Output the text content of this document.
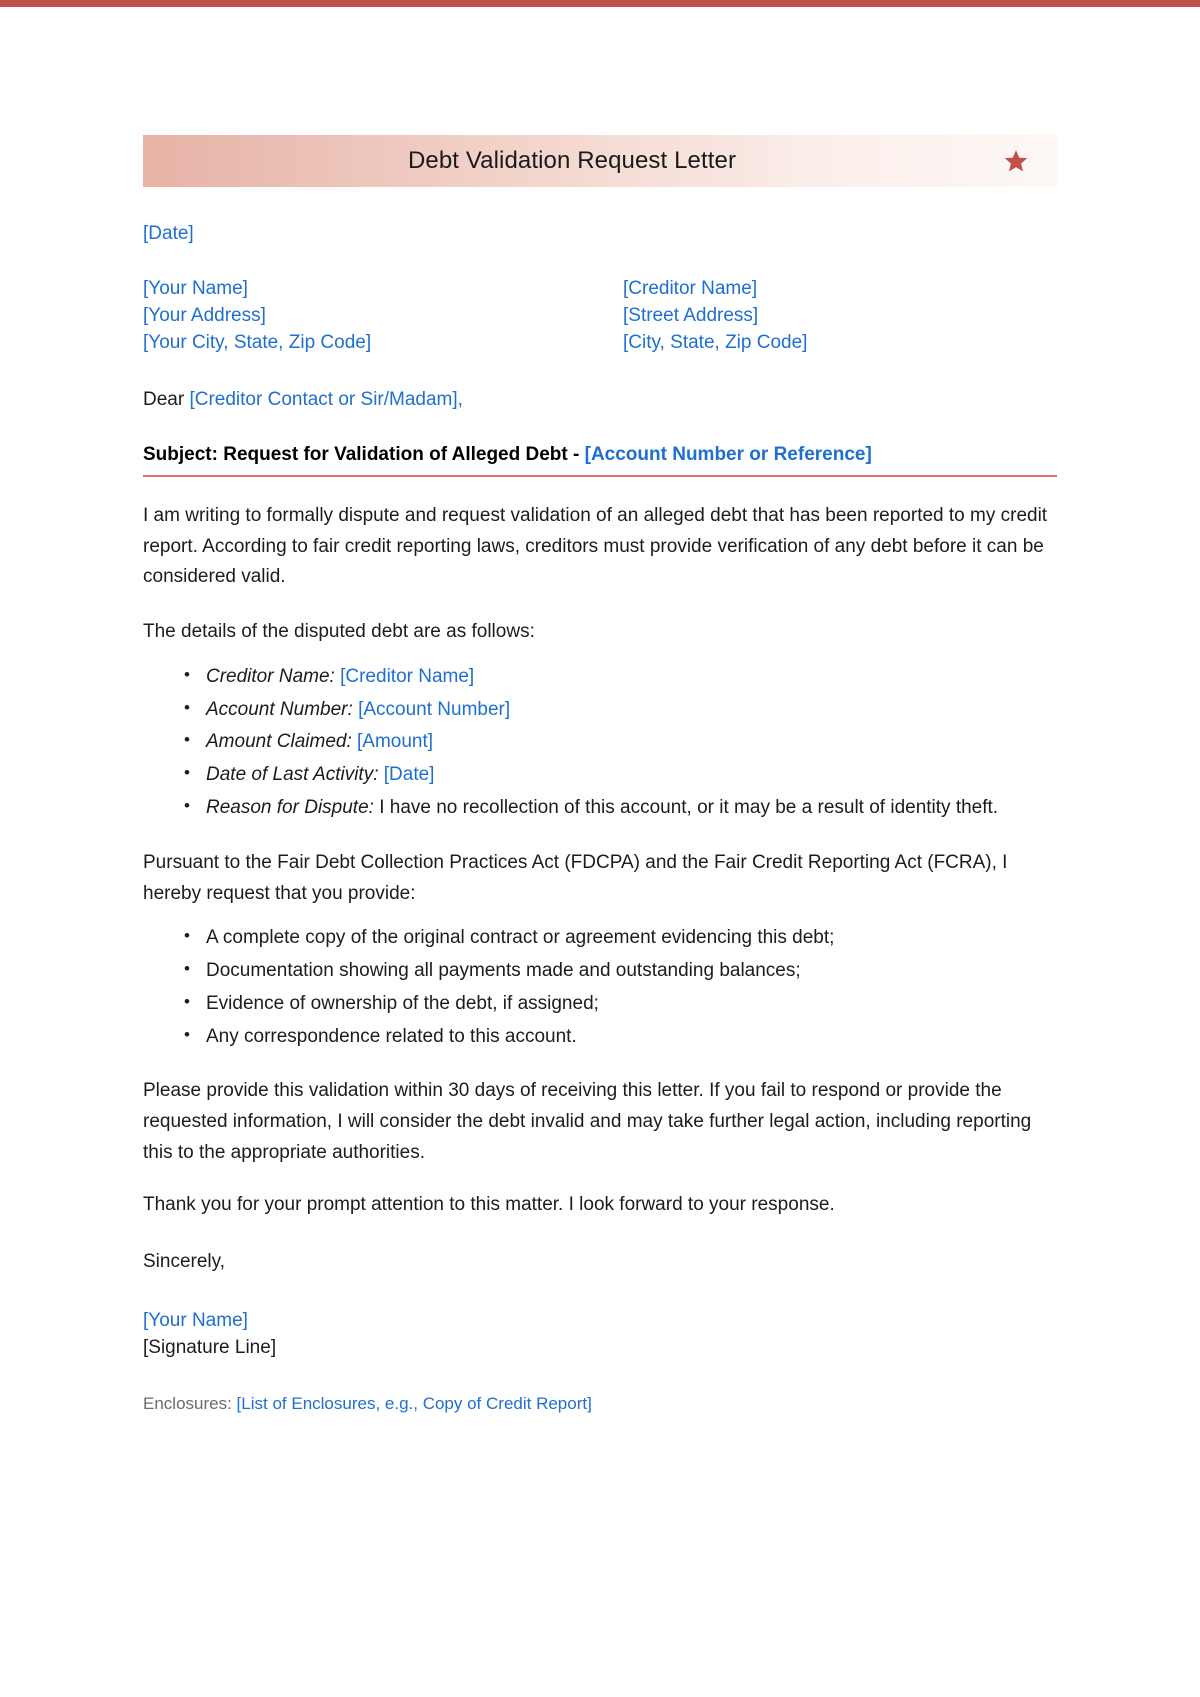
Debt Validation Request Letter
[Date]
[Your Name]	[Creditor Name]
[Your Address]	[Street Address]
[Your City, State, Zip Code]	[City, State, Zip Code]
Dear [Creditor Contact or Sir/Madam],
Subject: Request for Validation of Alleged Debt - [Account Number or Reference]
I am writing to formally dispute and request validation of an alleged debt that has been reported to my credit report. According to fair credit reporting laws, creditors must provide verification of any debt before it can be considered valid.
The details of the disputed debt are as follows:
• Creditor Name: [Creditor Name]
• Account Number: [Account Number]
• Amount Claimed: [Amount]
• Date of Last Activity: [Date]
• Reason for Dispute: I have no recollection of this account, or it may be a result of identity theft.
Pursuant to the Fair Debt Collection Practices Act (FDCPA) and the Fair Credit Reporting Act (FCRA), I hereby request that you provide:
• A complete copy of the original contract or agreement evidencing this debt;
• Documentation showing all payments made and outstanding balances;
• Evidence of ownership of the debt, if assigned;
• Any correspondence related to this account.
Please provide this validation within 30 days of receiving this letter. If you fail to respond or provide the requested information, I will consider the debt invalid and may take further legal action, including reporting this to the appropriate authorities.
Thank you for your prompt attention to this matter. I look forward to your response.
Sincerely,
[Your Name]
[Signature Line]
Enclosures: [List of Enclosures, e.g., Copy of Credit Report]
